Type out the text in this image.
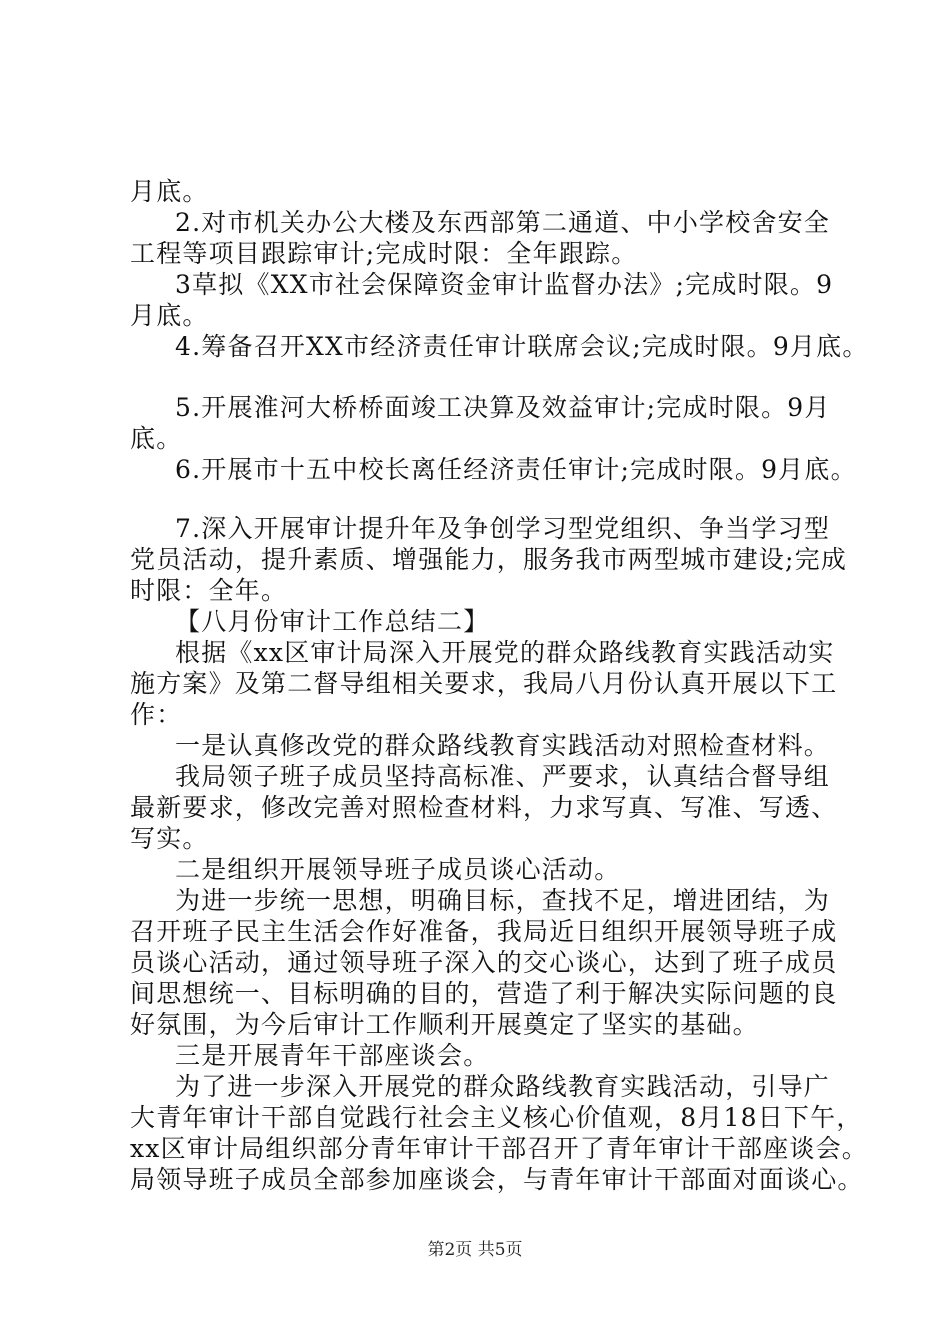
月底。
2.对市机关办公大楼及东西部第二通道、中小学校舍安全
工程等项目跟踪审计;完成时限：全年跟踪。
3草拟《XX市社会保障资金审计监督办法》;完成时限。9
月底。
4.筹备召开XX市经济责任审计联席会议;完成时限。9月底。
5.开展淮河大桥桥面竣工决算及效益审计;完成时限。9月
底。
6.开展市十五中校长离任经济责任审计;完成时限。9月底。
7.深入开展审计提升年及争创学习型党组织、争当学习型
党员活动，提升素质、增强能力，服务我市两型城市建设;完成
时限：全年。
【八月份审计工作总结二】
根据《xx区审计局深入开展党的群众路线教育实践活动实
施方案》及第二督导组相关要求，我局八月份认真开展以下工
作：
一是认真修改党的群众路线教育实践活动对照检查材料。
我局领子班子成员坚持高标准、严要求，认真结合督导组
最新要求，修改完善对照检查材料，力求写真、写准、写透、
写实。
二是组织开展领导班子成员谈心活动。
为进一步统一思想，明确目标，查找不足，增进团结，为
召开班子民主生活会作好准备，我局近日组织开展领导班子成
员谈心活动，通过领导班子深入的交心谈心，达到了班子成员
间思想统一、目标明确的目的，营造了利于解决实际问题的良
好氛围，为今后审计工作顺利开展奠定了坚实的基础。
三是开展青年干部座谈会。
为了进一步深入开展党的群众路线教育实践活动，引导广
大青年审计干部自觉践行社会主义核心价值观，8月18日下午，
xx区审计局组织部分青年审计干部召开了青年审计干部座谈会。
局领导班子成员全部参加座谈会，与青年审计干部面对面谈心。
第2页 共5页
